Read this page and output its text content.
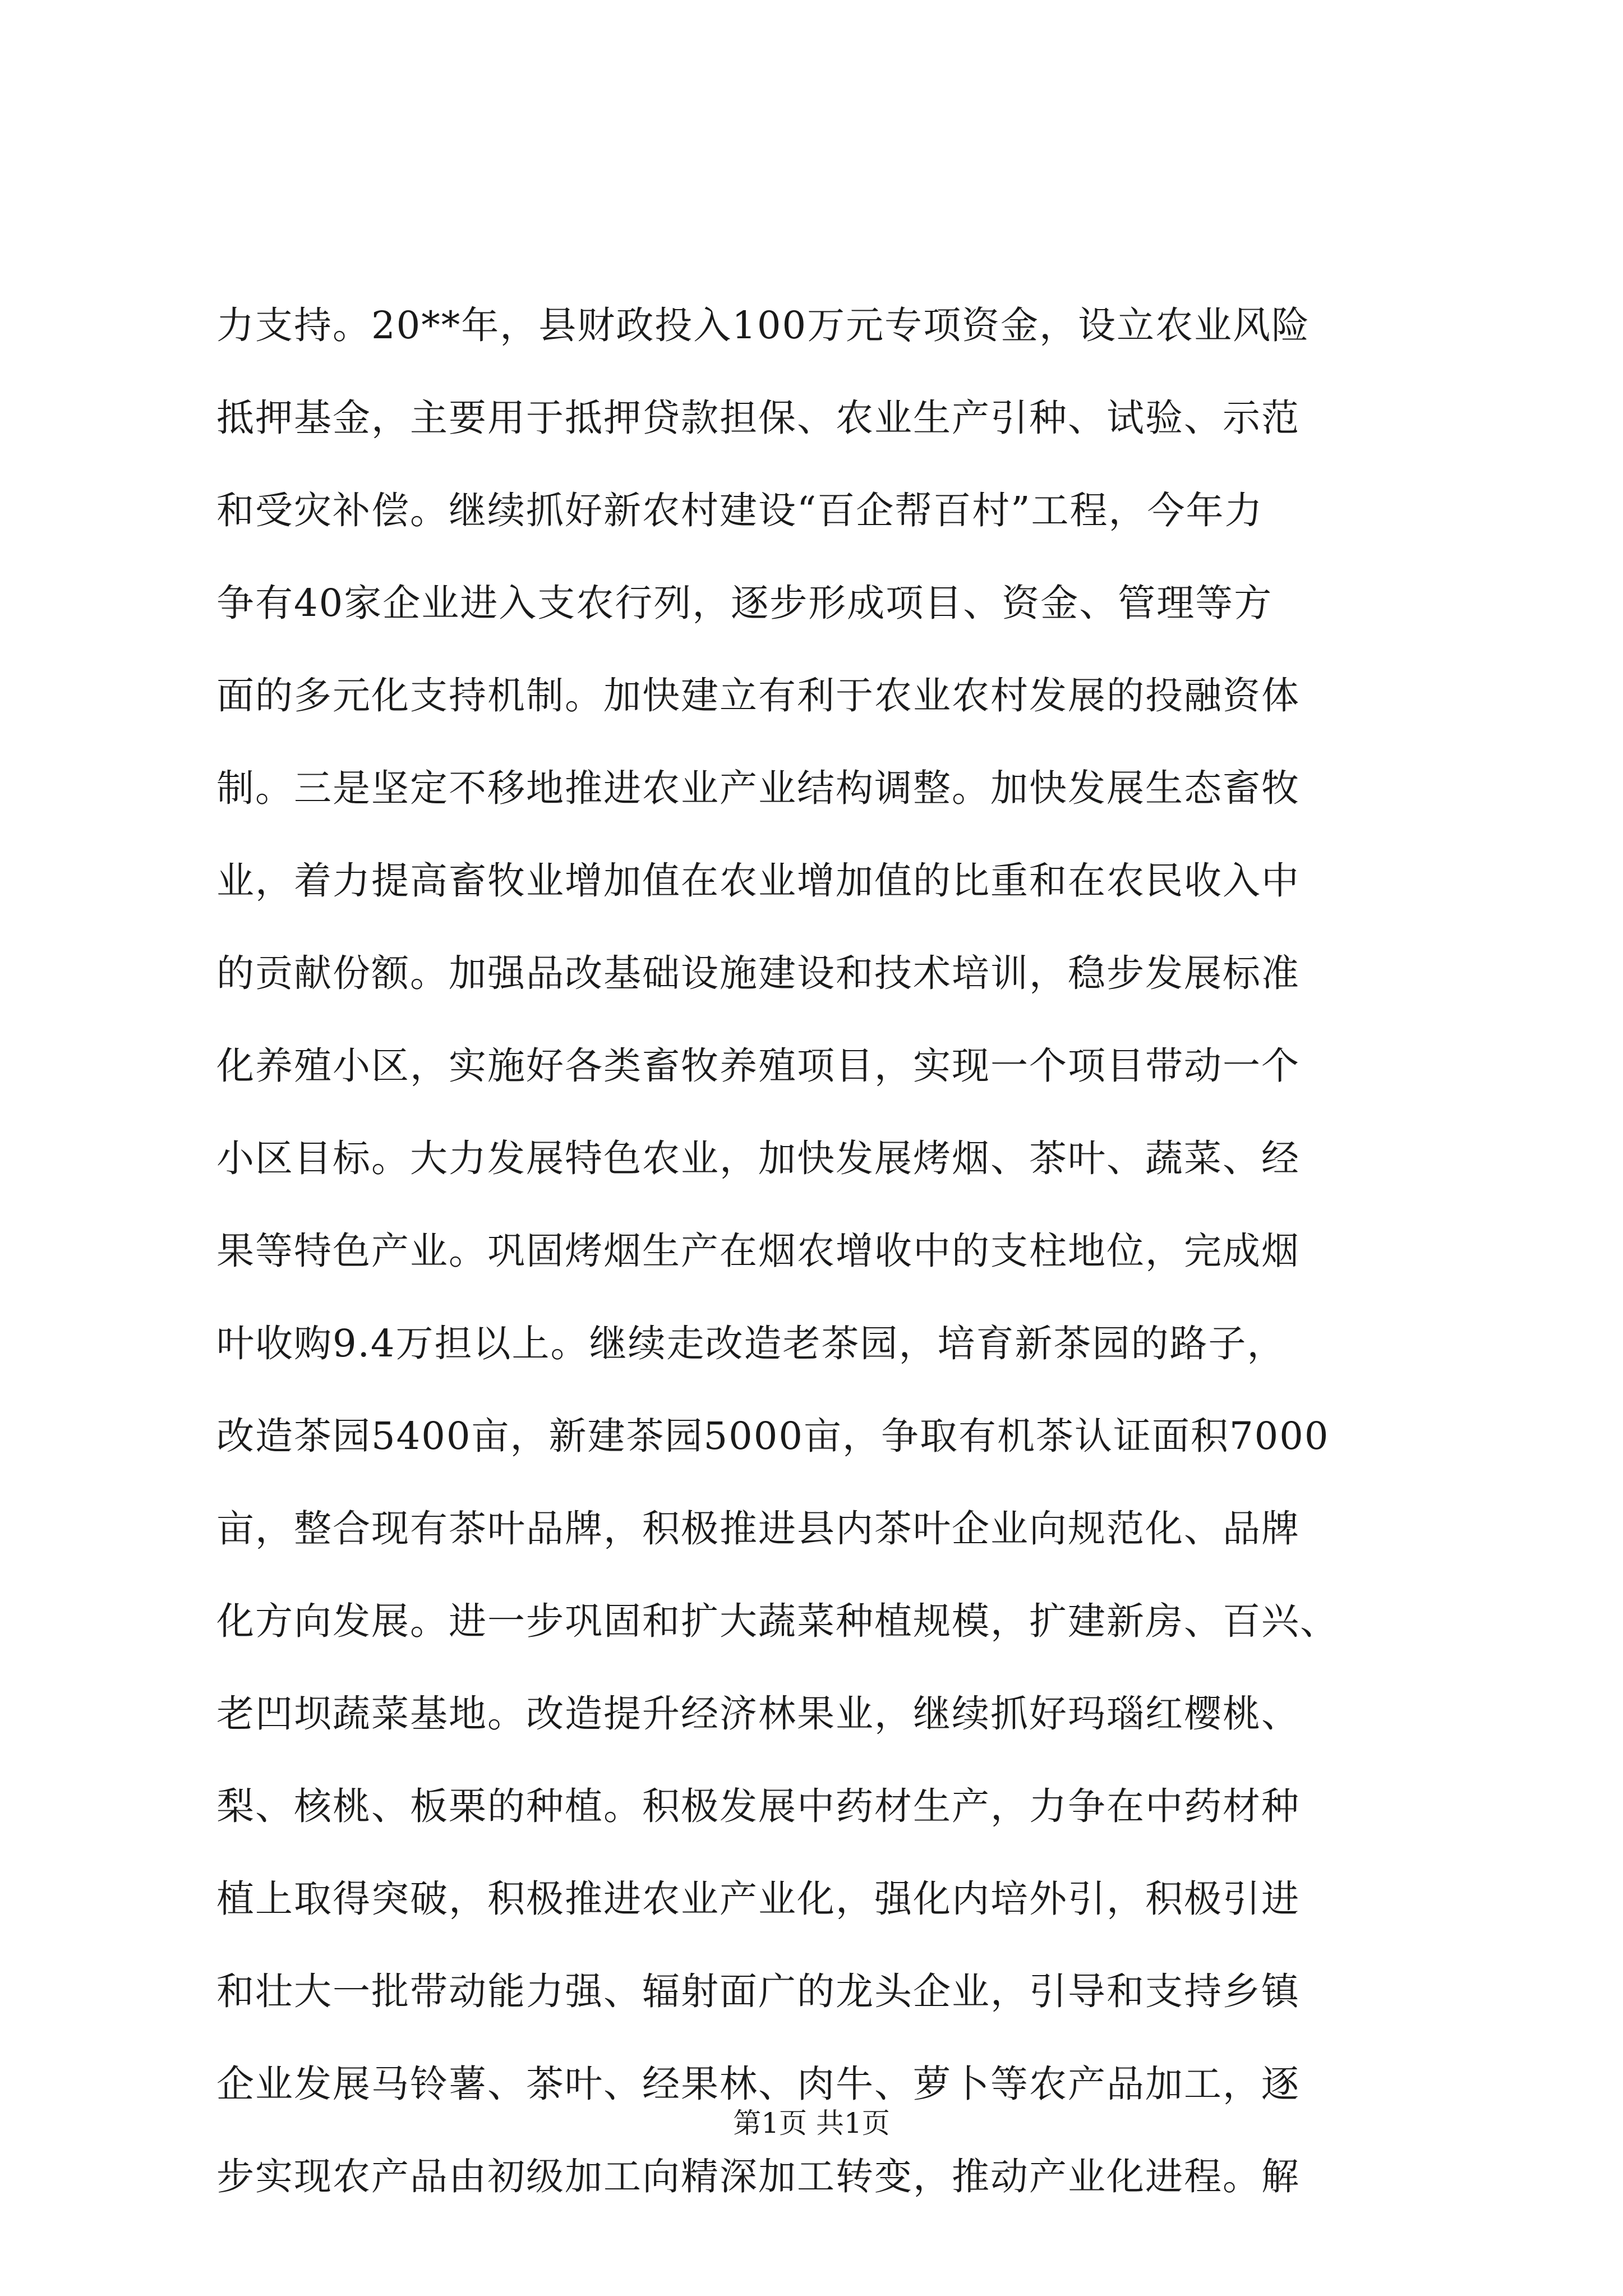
力支持。20**年，县财政投入100万元专项资金，设立农业风险
抵押基金，主要用于抵押贷款担保、农业生产引种、试验、示范
和受灾补偿。继续抓好新农村建设“百企帮百村”工程，今年力
争有40家企业进入支农行列，逐步形成项目、资金、管理等方
面的多元化支持机制。加快建立有利于农业农村发展的投融资体
制。三是坚定不移地推进农业产业结构调整。加快发展生态畜牧
业，着力提高畜牧业增加值在农业增加值的比重和在农民收入中
的贡献份额。加强品改基础设施建设和技术培训，稳步发展标准
化养殖小区，实施好各类畜牧养殖项目，实现一个项目带动一个
小区目标。大力发展特色农业，加快发展烤烟、茶叶、蔬菜、经
果等特色产业。巩固烤烟生产在烟农增收中的支柱地位，完成烟
叶收购9.4万担以上。继续走改造老茶园，培育新茶园的路子，
改造茶园5400亩，新建茶园5000亩，争取有机茶认证面积7000
亩，整合现有茶叶品牌，积极推进县内茶叶企业向规范化、品牌
化方向发展。进一步巩固和扩大蔬菜种植规模，扩建新房、百兴、
老凹坝蔬菜基地。改造提升经济林果业，继续抓好玛瑙红樱桃、
梨、核桃、板栗的种植。积极发展中药材生产，力争在中药材种
植上取得突破，积极推进农业产业化，强化内培外引，积极引进
和壮大一批带动能力强、辐射面广的龙头企业，引导和支持乡镇
企业发展马铃薯、茶叶、经果林、肉牛、萝卜等农产品加工，逐
步实现农产品由初级加工向精深加工转变，推动产业化进程。解
第1页 共1页
